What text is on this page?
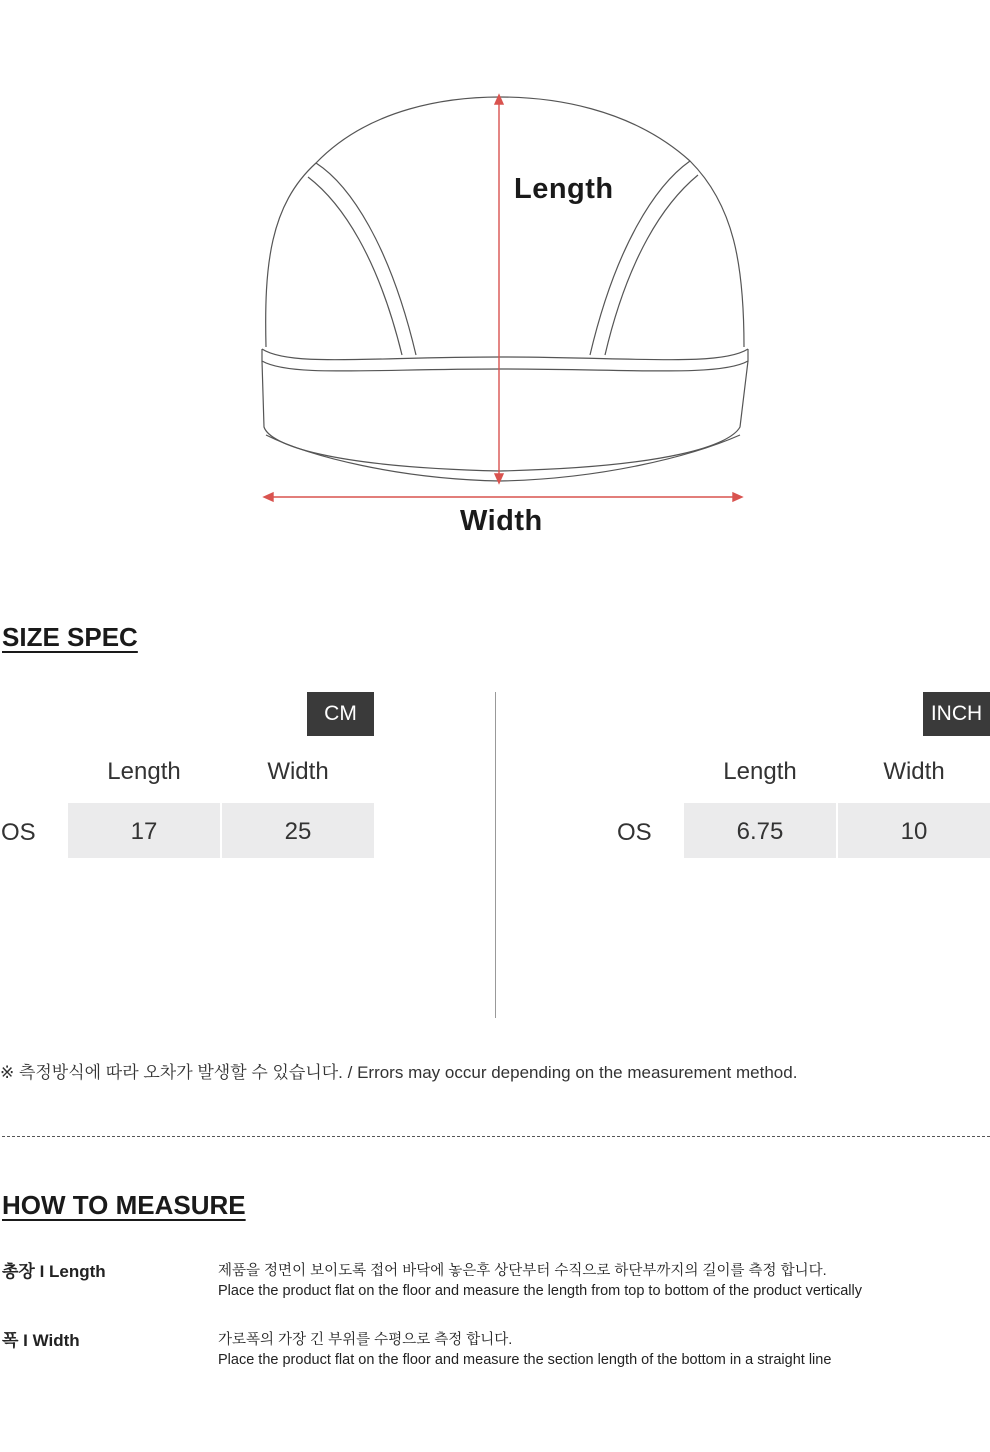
Length
Width
SIZE SPEC
CM
Length	Width
OS	17	25
INCH
Length	Width
OS	6.75	10
※ 측정방식에 따라 오차가 발생할 수 있습니다. / Errors may occur depending on the measurement method.
HOW TO MEASURE
총장 I Length	제품을 정면이 보이도록 접어 바닥에 놓은후 상단부터 수직으로 하단부까지의 길이를 측정 합니다.
Place the product flat on the floor and measure the length from top to bottom of the product vertically
폭 I Width	가로폭의 가장 긴 부위를 수평으로 측정 합니다.
Place the product flat on the floor and measure the section length of the bottom in a straight line
